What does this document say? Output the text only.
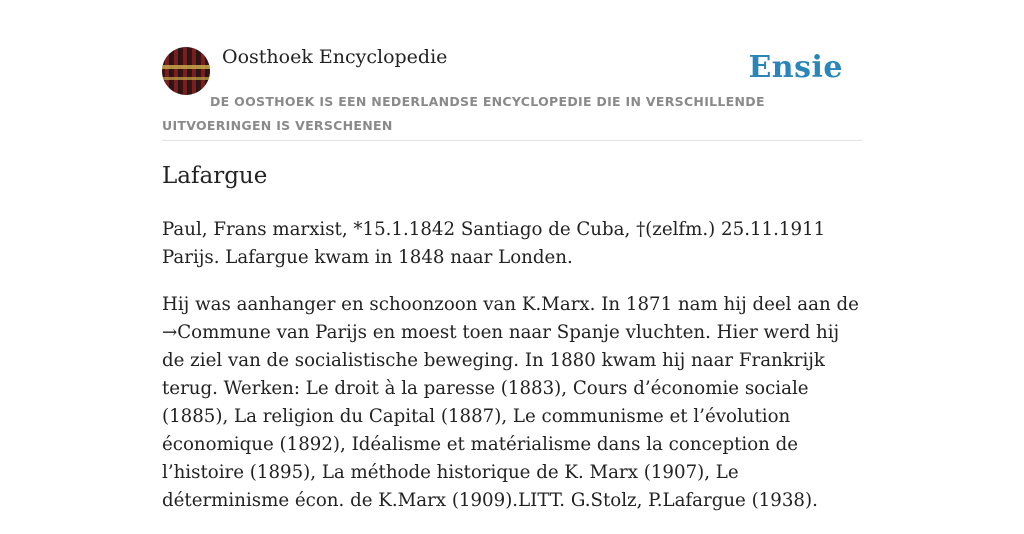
Oosthoek Encyclopedie	Ensie
DE OOSTHOEK IS EEN NEDERLANDSE ENCYCLOPEDIE DIE IN VERSCHILLENDE UITVOERINGEN IS VERSCHENEN
Lafargue

Paul, Frans marxist, *15.1.1842 Santiago de Cuba, †(zelfm.) 25.11.1911 Parijs. Lafargue kwam in 1848 naar Londen.

Hij was aanhanger en schoonzoon van K.Marx. In 1871 nam hij deel aan de →Commune van Parijs en moest toen naar Spanje vluchten. Hier werd hij de ziel van de socialistische beweging. In 1880 kwam hij naar Frankrijk terug. Werken: Le droit à la paresse (1883), Cours d’économie sociale (1885), La religion du Capital (1887), Le communisme et l’évolution économique (1892), Idéalisme et matérialisme dans la conception de l’histoire (1895), La méthode historique de K. Marx (1907), Le déterminisme écon. de K.Marx (1909).LITT. G.Stolz, P.Lafargue (1938).
